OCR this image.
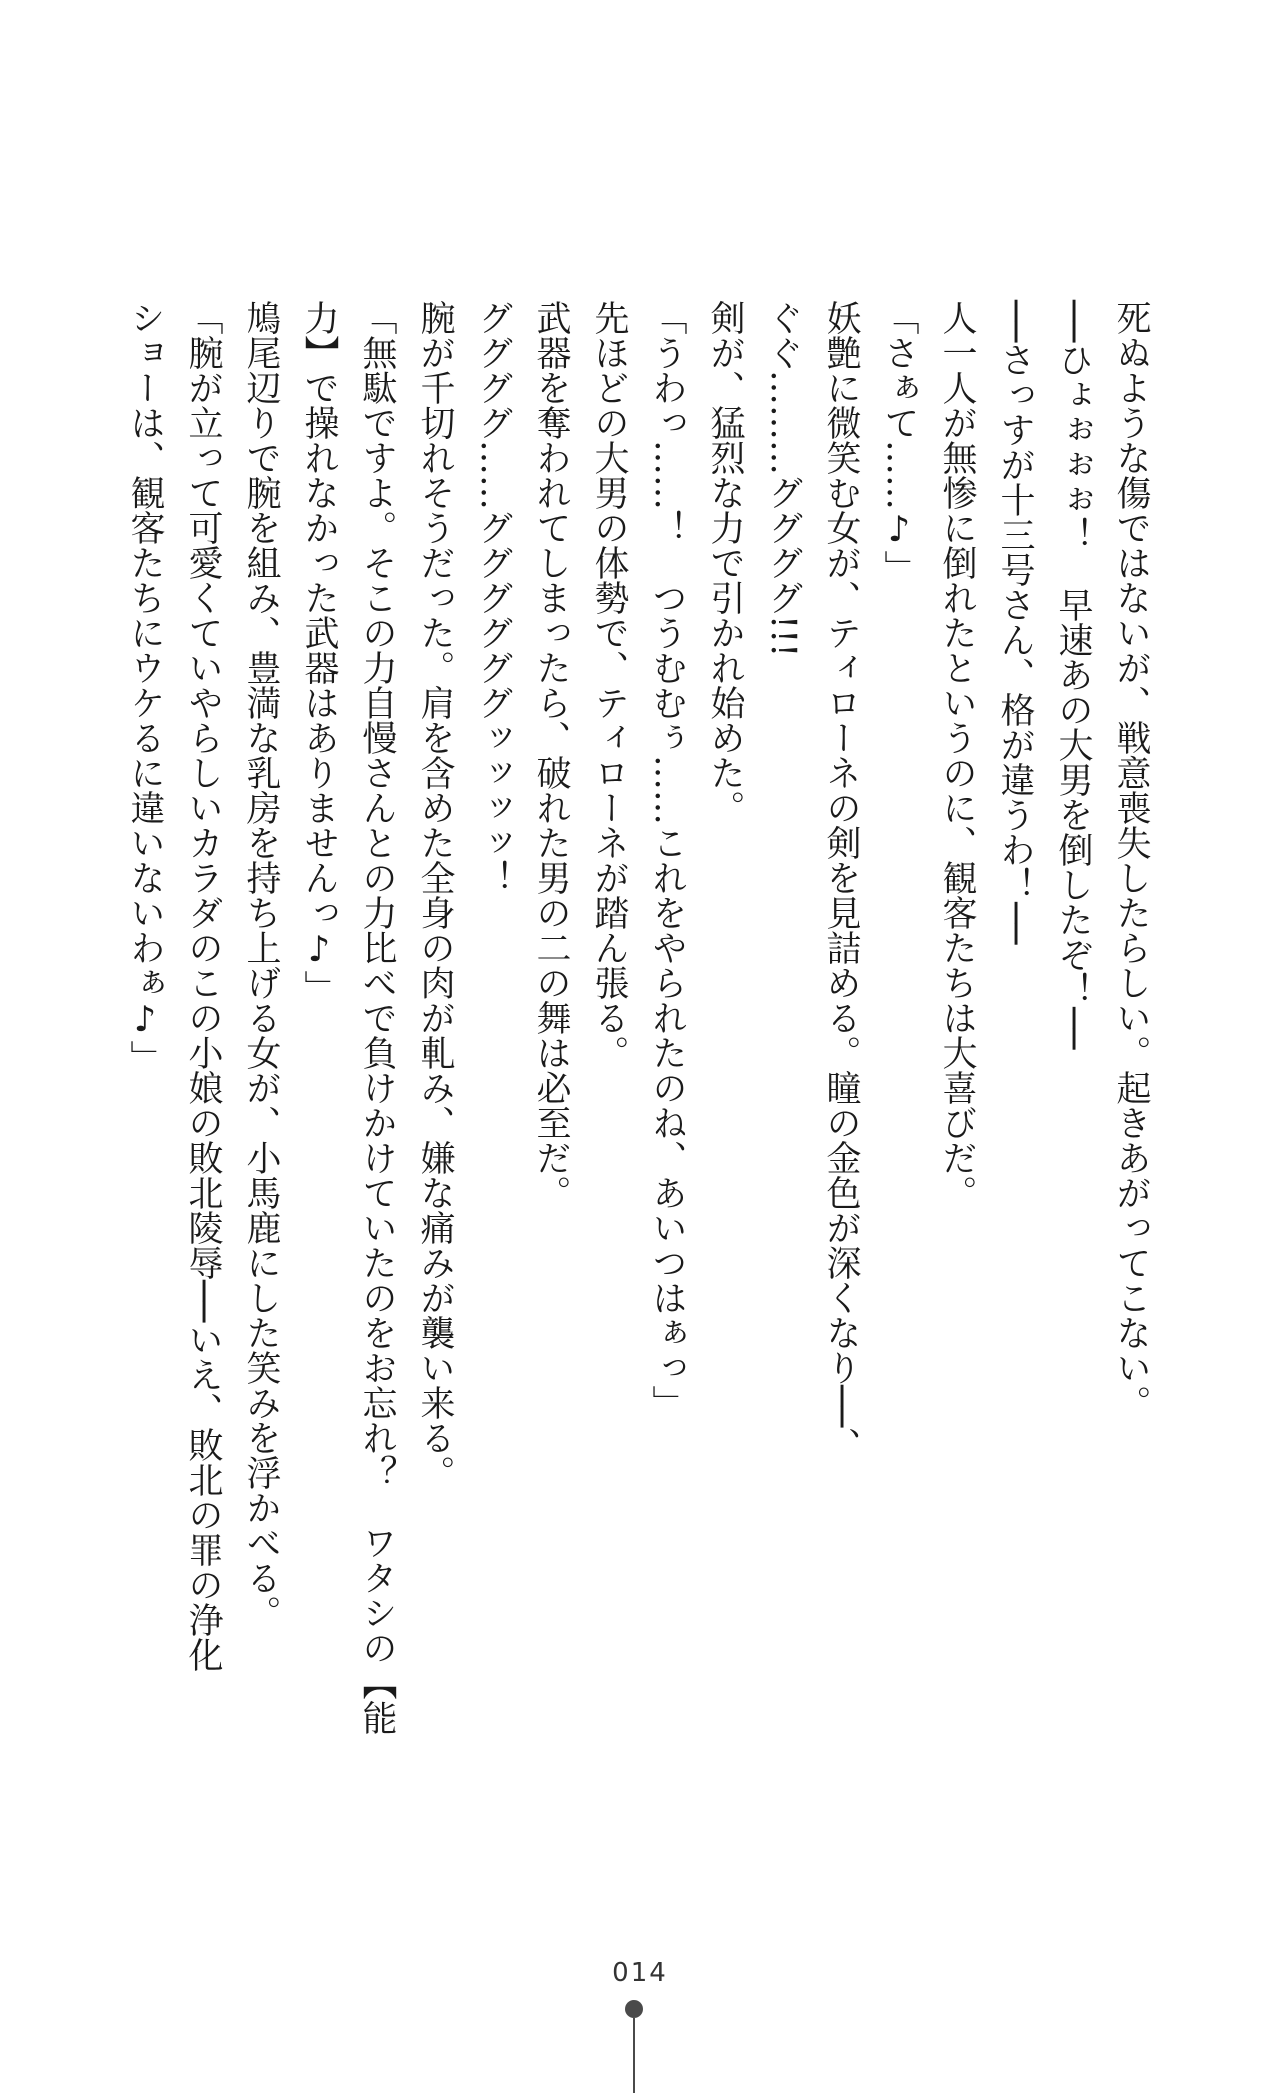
死ぬような傷ではないが、戦意喪失したらしい。起きあがってこない。

──ひょぉぉぉ！　早速あの大男を倒したぞ！──

──さっすが十三号さん、格が違うわ！──

人一人が無惨に倒れたというのに、観客たちは大喜びだ。

「さぁて……♪」

妖艶に微笑む女が、ティローネの剣を見詰める。瞳の金色が深くなり──、

ぐぐ………ググググ!!!

剣が、猛烈な力で引かれ始めた。

「うわっ……！　つうむむぅ……これをやられたのね、あいつはぁっ」

先ほどの大男の体勢で、ティローネが踏ん張る。

武器を奪われてしまったら、破れた男の二の舞は必至だ。

ググググ……ググググググッッッッ！

腕が千切れそうだった。肩を含めた全身の肉が軋み、嫌な痛みが襲い来る。

「無駄ですよ。そこの力自慢さんとの力比べで負けかけていたのをお忘れ？　ワタシの【能

力】で操れなかった武器はありませんっ♪」

鳩尾辺りで腕を組み、豊満な乳房を持ち上げる女が、小馬鹿にした笑みを浮かべる。

「腕が立って可愛くていやらしいカラダのこの小娘の敗北陵辱──いえ、敗北の罪の浄化

ショーは、観客たちにウケるに違いないわぁ♪」

014
